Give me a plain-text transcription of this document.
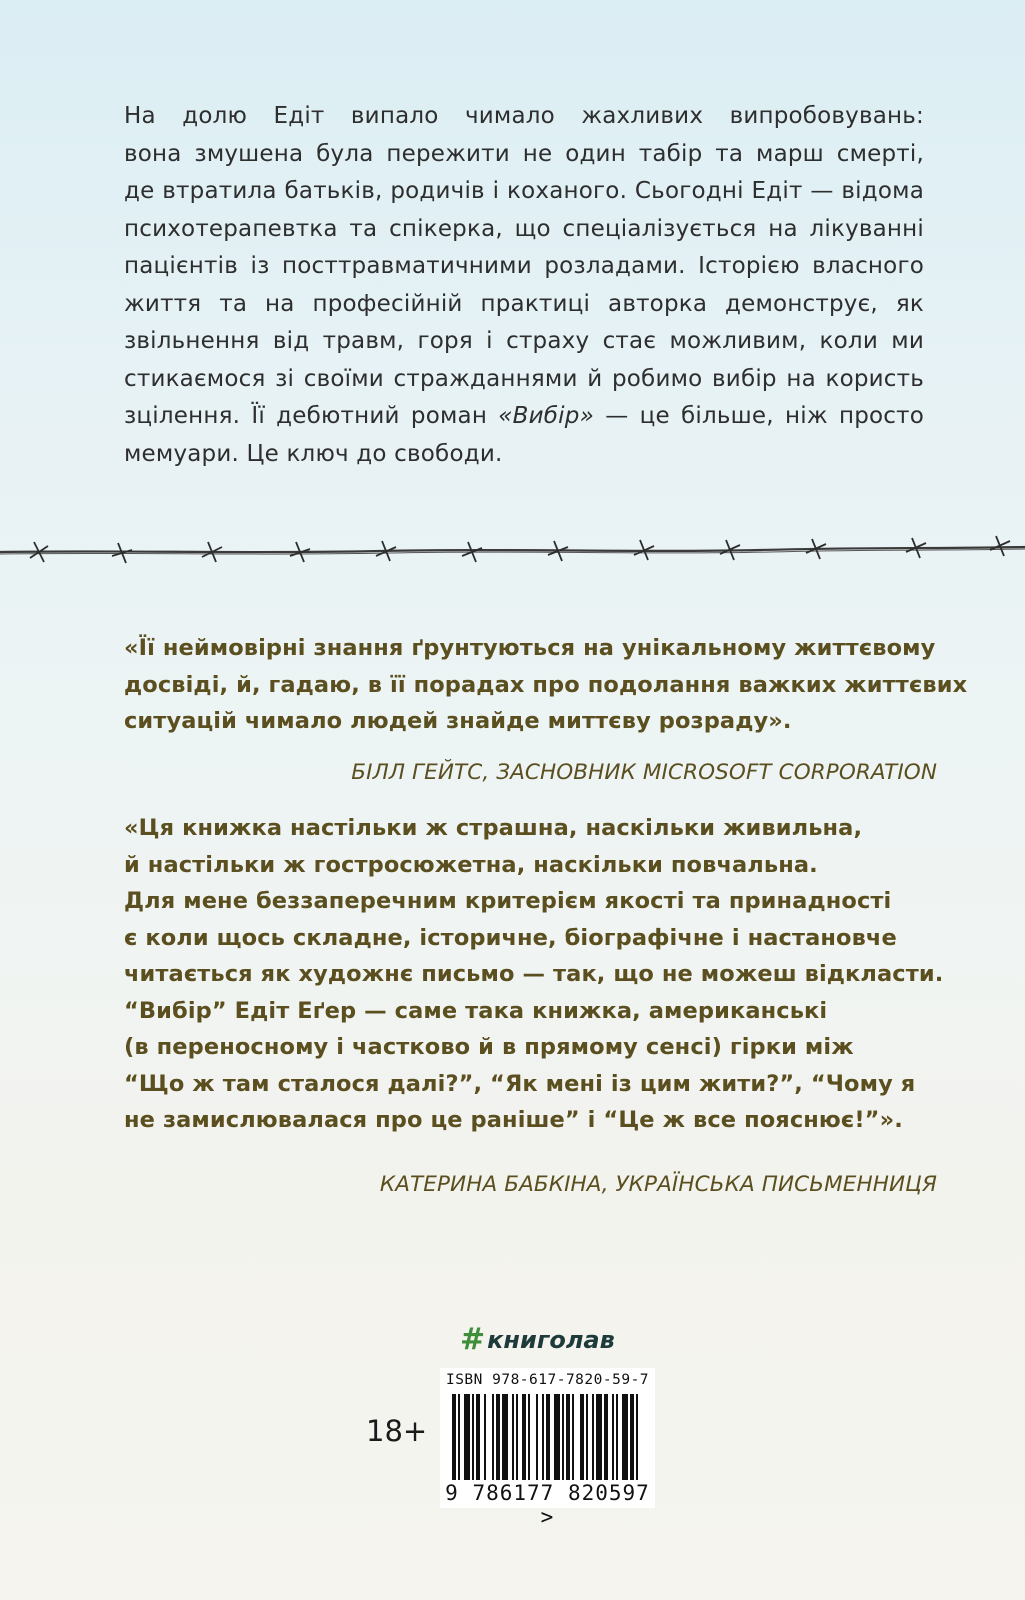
На долю Едіт випало чимало жахливих випробовувань:
вона змушена була пережити не один табір та марш смерті,
де втратила батьків, родичів і коханого. Сьогодні Едіт — відома
психотерапевтка та спікерка, що спеціалізується на лікуванні
пацієнтів із посттравматичними розладами. Історією власного
життя та на професійній практиці авторка демонструє, як
звільнення від травм, горя і страху стає можливим, коли ми
стикаємося зі своїми стражданнями й робимо вибір на користь
зцілення. Її дебютний роман «Вибір» — це більше, ніж просто
мемуари. Це ключ до свободи.
«Її неймовірні знання ґрунтуються на унікальному життєвому
досвіді, й, гадаю, в її порадах про подолання важких життєвих
ситуацій чимало людей знайде миттєву розраду».
БІЛЛ ГЕЙТС, ЗАСНОВНИК MICROSOFT CORPORATION
«Ця книжка настільки ж страшна, наскільки живильна,
й настільки ж гостросюжетна, наскільки повчальна.
Для мене беззаперечним критерієм якості та принадності
є коли щось складне, історичне, біографічне і настановче
читається як художнє письмо — так, що не можеш відкласти.
“Вибір” Едіт Еґер — саме така книжка, американські
(в переносному і частково й в прямому сенсі) гірки між
“Що ж там сталося далі?”, “Як мені із цим жити?”, “Чому я
не замислювалася про це раніше” і “Це ж все пояснює!”».
КАТЕРИНА БАБКІНА, УКРАЇНСЬКА ПИСЬМЕННИЦЯ
# книголав
18+
ISBN 978-617-7820-59-7
9 786177 820597 >
